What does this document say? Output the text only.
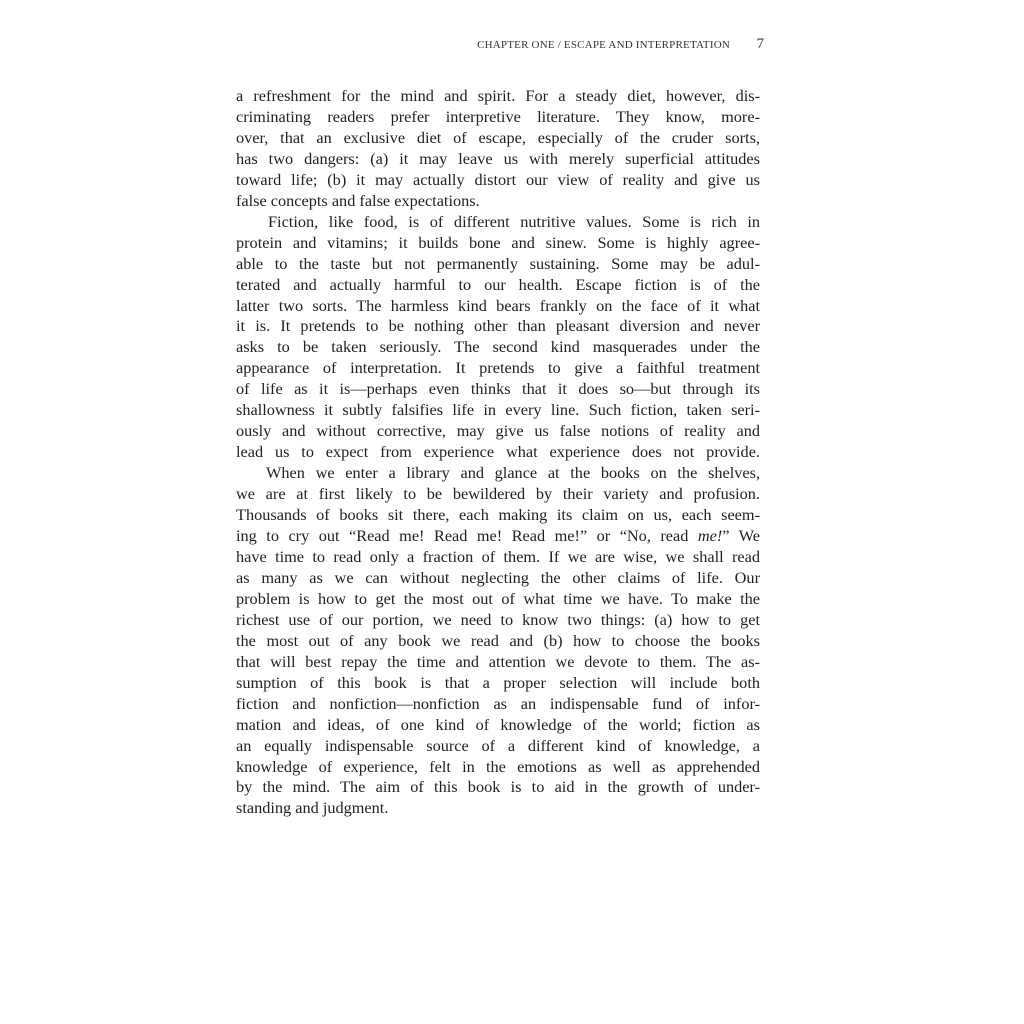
CHAPTER ONE / ESCAPE AND INTERPRETATION 7

a refreshment for the mind and spirit. For a steady diet, however, dis-
criminating readers prefer interpretive literature. They know, more-
over, that an exclusive diet of escape, especially of the cruder sorts,
has two dangers: (a) it may leave us with merely superficial attitudes
toward life; (b) it may actually distort our view of reality and give us
false concepts and false expectations.

Fiction, like food, is of different nutritive values. Some is rich in
protein and vitamins; it builds bone and sinew. Some is highly agree-
able to the taste but not permanently sustaining. Some may be adul-
terated and actually harmful to our health. Escape fiction is of the
latter two sorts. The harmless kind bears frankly on the face of it what
it is. It pretends to be nothing other than pleasant diversion and never
asks to be taken seriously. The second kind masquerades under the
appearance of interpretation. It pretends to give a faithful treatment
of life as it is—perhaps even thinks that it does so—but through its
shallowness it subtly falsifies life in every line. Such fiction, taken seri-
ously and without corrective, may give us false notions of reality and
lead us to expect from experience what experience does not provide.

When we enter a library and glance at the books on the shelves,
we are at first likely to be bewildered by their variety and profusion.
Thousands of books sit there, each making its claim on us, each seem-
ing to cry out “Read me! Read me! Read me!” or “No, read me!” We
have time to read only a fraction of them. If we are wise, we shall read
as many as we can without neglecting the other claims of life. Our
problem is how to get the most out of what time we have. To make the
richest use of our portion, we need to know two things: (a) how to get
the most out of any book we read and (b) how to choose the books
that will best repay the time and attention we devote to them. The as-
sumption of this book is that a proper selection will include both
fiction and nonfiction—nonfiction as an indispensable fund of infor-
mation and ideas, of one kind of knowledge of the world; fiction as
an equally indispensable source of a different kind of knowledge, a
knowledge of experience, felt in the emotions as well as apprehended
by the mind. The aim of this book is to aid in the growth of under-
standing and judgment.
